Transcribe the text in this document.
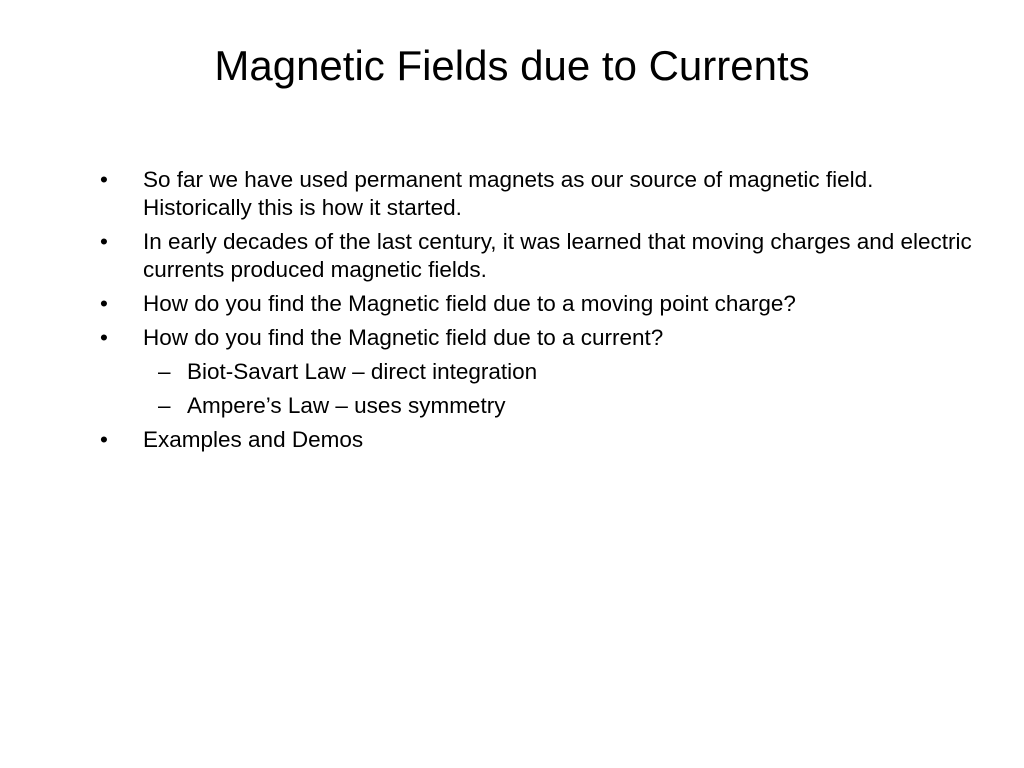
Magnetic Fields due to Currents
• So far we have used permanent magnets as our source of magnetic field. Historically this is how it started.
• In early decades of the last century, it was learned that moving charges and electric currents produced magnetic fields.
• How do you find the Magnetic field due to a moving point charge?
• How do you find the Magnetic field due to a current?
– Biot-Savart Law – direct integration
– Ampere’s Law – uses symmetry
• Examples and Demos
